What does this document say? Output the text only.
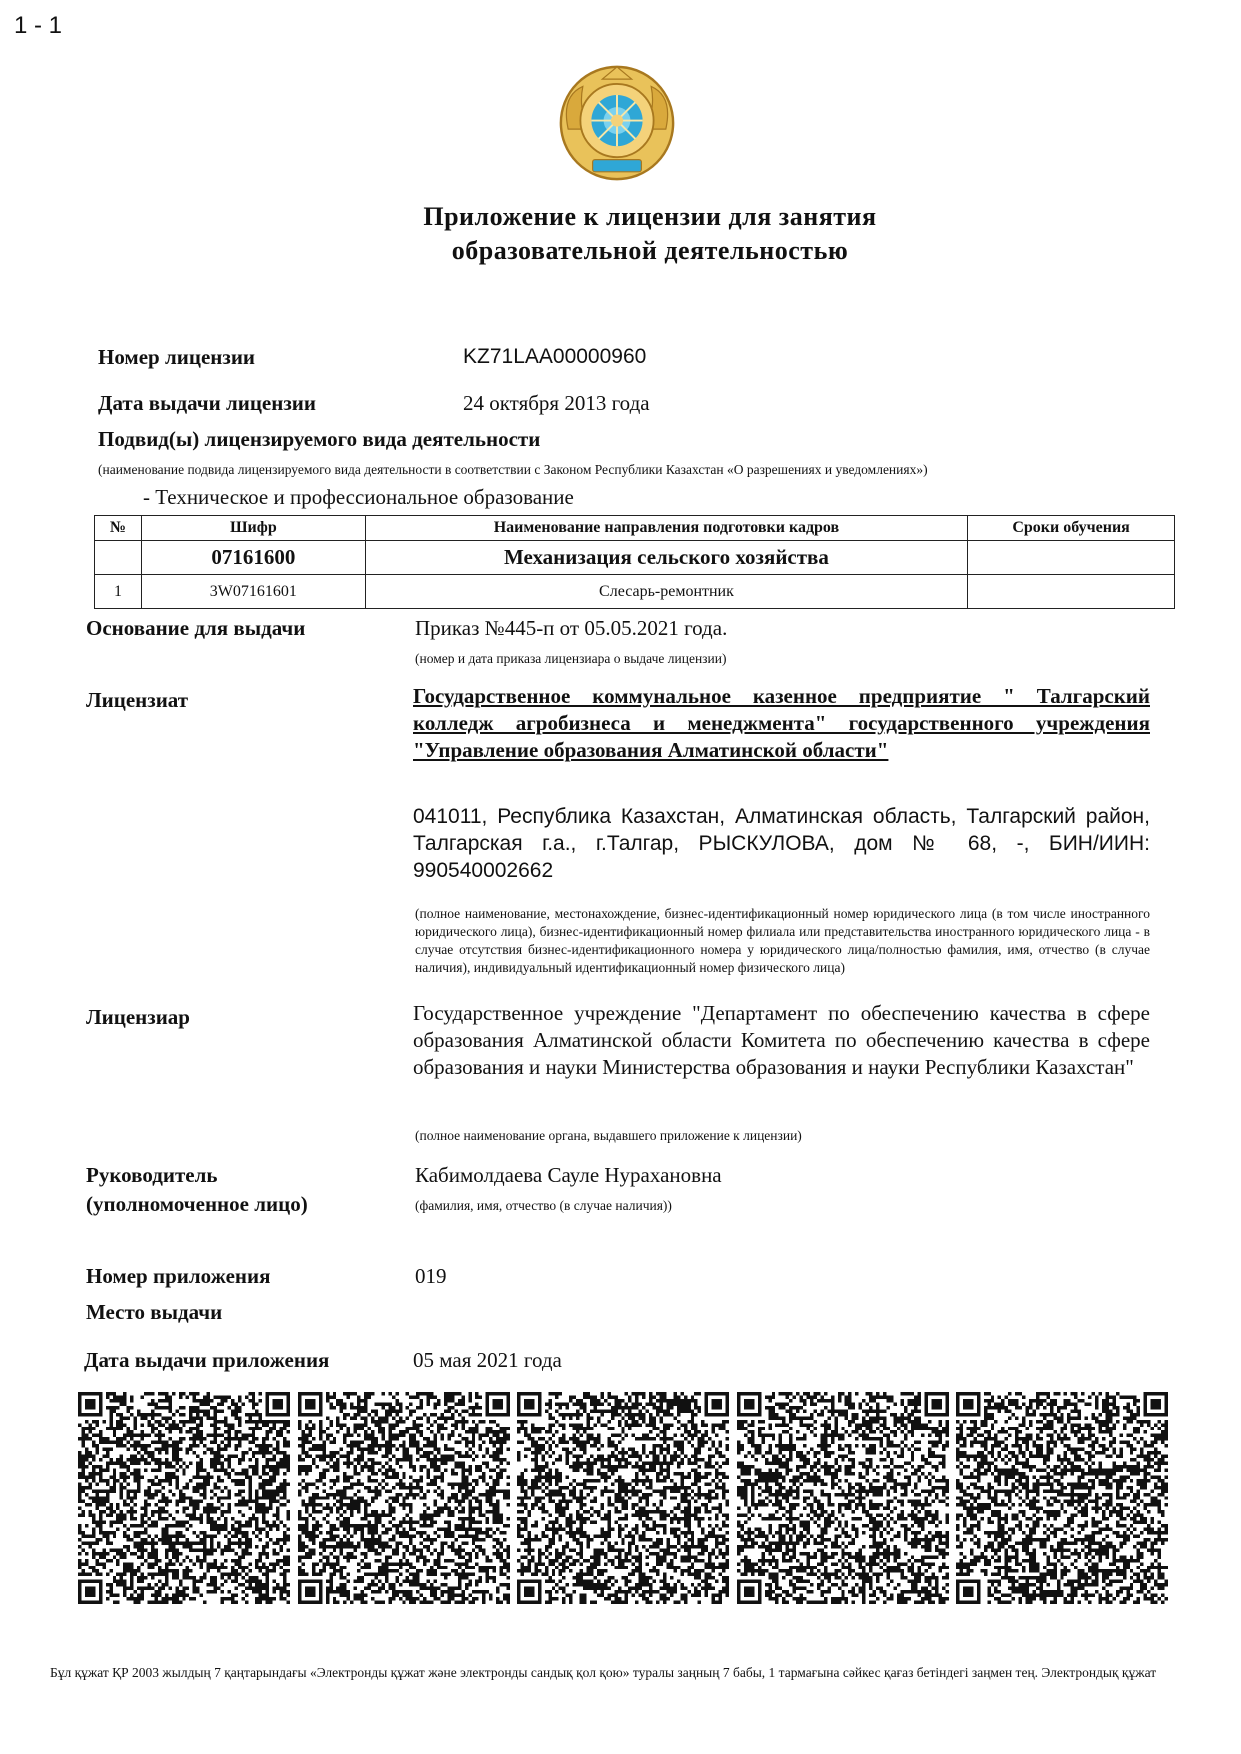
1 - 1
Приложение к лицензии для занятия образовательной деятельностью
Номер лицензии	KZ71LAA00000960
Дата выдачи лицензии	24 октября 2013 года
Подвид(ы) лицензируемого вида деятельности
(наименование подвида лицензируемого вида деятельности в соответствии с Законом Республики Казахстан «О разрешениях и уведомлениях»)
- Техническое и профессиональное образование
№	Шифр	Наименование направления подготовки кадров	Сроки обучения
	07161600	Механизация сельского хозяйства	
1	3W07161601	Слесарь-ремонтник	
Основание для выдачи	Приказ №445-п от 05.05.2021 года.
(номер и дата приказа лицензиара о выдаче лицензии)
Лицензиат	Государственное коммунальное казенное предприятие " Талгарский колледж агробизнеса и менеджмента" государственного учреждения "Управление образования Алматинской области"
041011, Республика Казахстан, Алматинская область, Талгарский район, Талгарская г.а., г.Талгар, РЫСКУЛОВА, дом № 68, -, БИН/ИИН: 990540002662
(полное наименование, местонахождение, бизнес-идентификационный номер юридического лица (в том числе иностранного юридического лица), бизнес-идентификационный номер филиала или представительства иностранного юридического лица - в случае отсутствия бизнес-идентификационного номера у юридического лица/полностью фамилия, имя, отчество (в случае наличия), индивидуальный идентификационный номер физического лица)
Лицензиар	Государственное учреждение "Департамент по обеспечению качества в сфере образования Алматинской области Комитета по обеспечению качества в сфере образования и науки Министерства образования и науки Республики Казахстан"
(полное наименование органа, выдавшего приложение к лицензии)
Руководитель
(уполномоченное лицо)
Кабимолдаева Сауле Нурахановна
(фамилия, имя, отчество (в случае наличия))
Номер приложения	019
Место выдачи
Дата выдачи приложения	05 мая 2021 года
Бұл құжат ҚР 2003 жылдың 7 қаңтарындағы «Электронды құжат және электронды сандық қол қою» туралы заңның 7 бабы, 1 тармағына сәйкес қағаз бетіндегі заңмен тең. Электрондық құжат
